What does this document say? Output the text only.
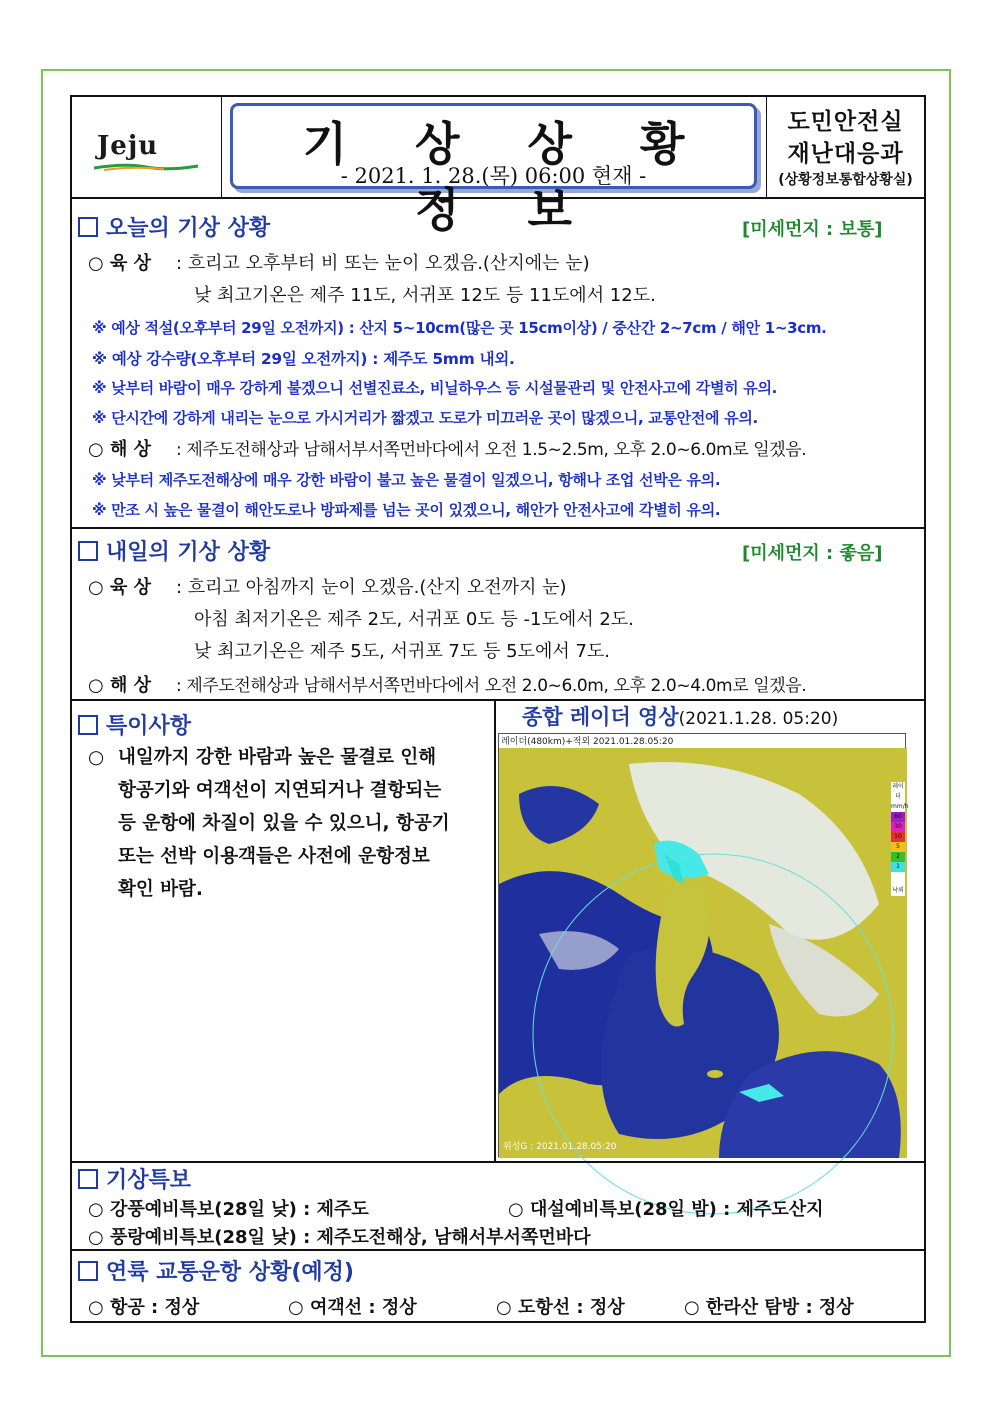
Jeju	기 상 상 황 정 보
- 2021. 1. 28.(목) 06:00 현재 -
도민안전실
재난대응과
(상황정보통합상황실)
오늘의 기상 상황	[미세먼지 : 보통]
○ 육 상 : 흐리고 오후부터 비 또는 눈이 오겠음.(산지에는 눈)
낮 최고기온은 제주 11도, 서귀포 12도 등 11도에서 12도.
※ 예상 적설(오후부터 29일 오전까지) : 산지 5~10cm(많은 곳 15cm이상) / 중산간 2~7cm / 해안 1~3cm.
※ 예상 강수량(오후부터 29일 오전까지) : 제주도 5mm 내외.
※ 낮부터 바람이 매우 강하게 불겠으니 선별진료소, 비닐하우스 등 시설물관리 및 안전사고에 각별히 유의.
※ 단시간에 강하게 내리는 눈으로 가시거리가 짧겠고 도로가 미끄러운 곳이 많겠으니, 교통안전에 유의.
○ 해 상 : 제주도전해상과 남해서부서쪽먼바다에서 오전 1.5~2.5m, 오후 2.0~6.0m로 일겠음.
※ 낮부터 제주도전해상에 매우 강한 바람이 불고 높은 물결이 일겠으니, 항해나 조업 선박은 유의.
※ 만조 시 높은 물결이 해안도로나 방파제를 넘는 곳이 있겠으니, 해안가 안전사고에 각별히 유의.
내일의 기상 상황	[미세먼지 : 좋음]
○ 육 상 : 흐리고 아침까지 눈이 오겠음.(산지 오전까지 눈)
아침 최저기온은 제주 2도, 서귀포 0도 등 -1도에서 2도.
낮 최고기온은 제주 5도, 서귀포 7도 등 5도에서 7도.
○ 해 상 : 제주도전해상과 남해서부서쪽먼바다에서 오전 2.0~6.0m, 오후 2.0~4.0m로 일겠음.
특이사항
○ 내일까지 강한 바람과 높은 물결로 인해
항공기와 여객선이 지연되거나 결항되는
등 운항에 차질이 있을 수 있으니, 항공기
또는 선박 이용객들은 사전에 운항정보
확인 바람.
종합 레이더 영상(2021.1.28. 05:20)
레이더(480km)+적외 2021.01.28.05:20
레이더
mm/h
60
30
10
5
2
1
낙뢰
위성G : 2021.01.28.05:20
기상특보
○ 강풍예비특보(28일 낮) : 제주도	○ 대설예비특보(28일 밤) : 제주도산지
○ 풍랑예비특보(28일 낮) : 제주도전해상, 남해서부서쪽먼바다
연륙 교통운항 상황(예정)
○ 항공 : 정상	○ 여객선 : 정상	○ 도항선 : 정상	○ 한라산 탐방 : 정상
